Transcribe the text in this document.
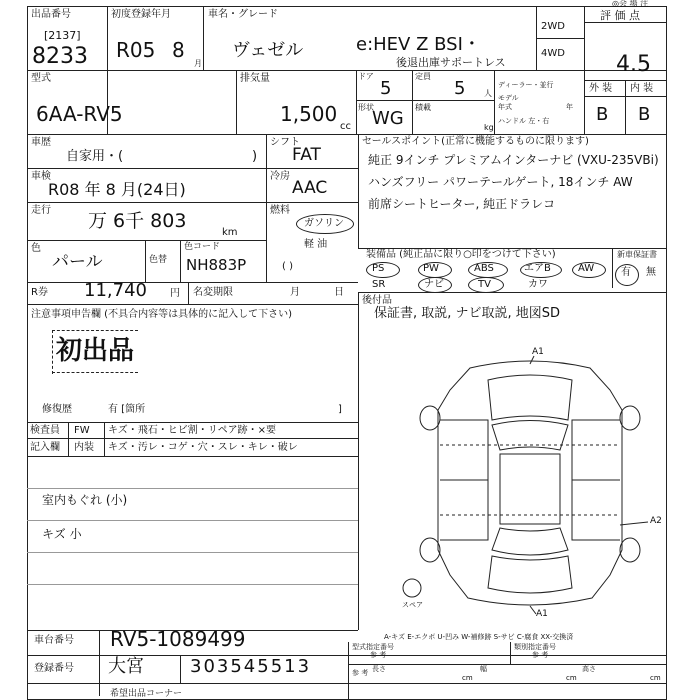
◎会 場 注
出品番号
[2137]
8233
初度登録年月
R05 8
月
車名・グレード
ヴェゼル	e:HEV Z BSI・
後退出庫サポートレス
2WD
4WD
評 価 点
4.5
型式
6AA-RV5
排気量
1,500
cc
ドア
5
定員
5 人
形状
WG
積載
kg
ディーラー・並行
モデル
年式	年
ハンドル 左・右
外 装 内 装
B B
車歴
自家用・(	)
シフト
FAT
車検
R08 年 8 月(24日)
冷房
AAC
走行 万 6千 803
km
燃料
ガソリン
軽 油
( )
色
パール	色替
色コード
NH883P
R券 11,740 円 名変期限	月	日
注意事項申告欄 (不具合内容等は具体的に記入して下さい)
初出品
修復歴	有 [箇所	]
検査員
記入欄
FW キズ・飛石・ヒビ割・リペア跡・×要
内装 キズ・汚レ・コゲ・穴・スレ・キレ・破レ
室内もぐれ (小)
キズ 小
セールスポイント(正常に機能するものに限ります)
純正 9インチ プレミアムインターナビ (VXU-235VBi)
ハンズフリー パワーテールゲート, 18インチ AW
前席シートヒーター, 純正ドラレコ
装備品 (純正品に限り○印をつけて下さい)	新車保証書
有 無
PS	PW	ABS	エアB	AW
SR	ナビ	TV	カワ
後付品
保証書, 取説, ナビ取説, 地図SD
A1
A2
A1
スペア
A-キズ E-エクボ U-凹み W-補修跡 S-サビ C-腐食 XX-交換済
車台番号 RV5-1089499
登録番号 大宮	303545513
型式指定番号
参 考
類別指定番号
参 考
参 考 長さ
cm
幅
cm
高さ
cm
希望出品コーナー
